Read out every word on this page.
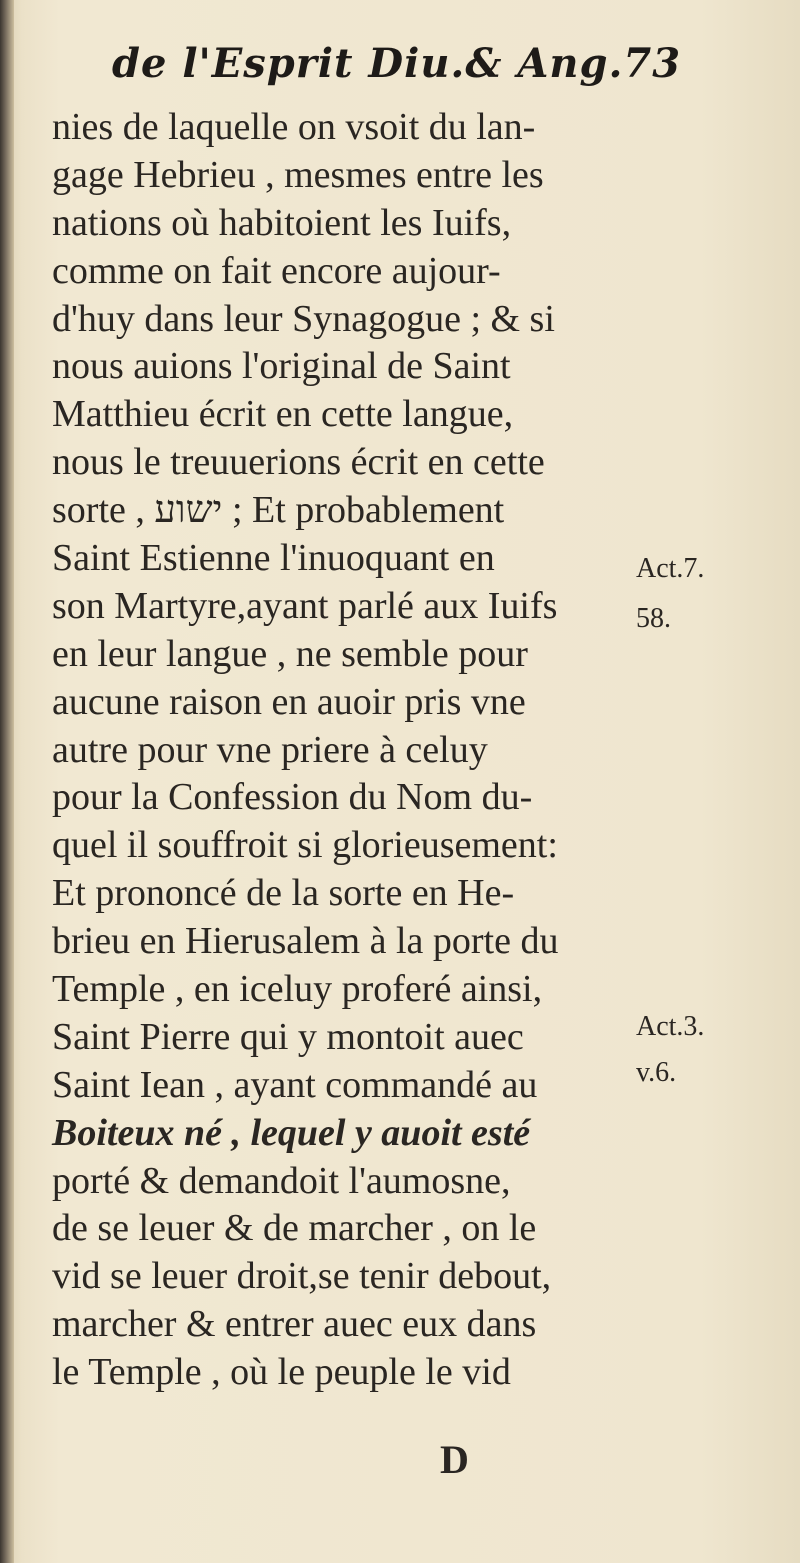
de l'Esprit Diu.& Ang.73
nies de laquelle on vsoit du lan-
gage Hebrieu , mesmes entre les
nations où habitoient les Iuifs,
comme on fait encore aujour-
d'huy dans leur Synagogue ; & si
nous auions l'original de Saint
Matthieu écrit en cette langue,
nous le treuuerions écrit en cette
sorte , ישוע ; Et probablement
Saint Estienne l'inuoquant en
son Martyre,ayant parlé aux Iuifs
en leur langue , ne semble pour
aucune raison en auoir pris vne
autre pour vne priere à celuy
pour la Confession du Nom du-
quel il souffroit si glorieusement:
Et prononcé de la sorte en He-
brieu en Hierusalem à la porte du
Temple , en iceluy proferé ainsi,
Saint Pierre qui y montoit auec
Saint Iean , ayant commandé au
Boiteux né , lequel y auoit esté
porté & demandoit l'aumosne,
de se leuer & de marcher , on le
vid se leuer droit,se tenir debout,
marcher & entrer auec eux dans
le Temple , où le peuple le vid
Act.7.
58.
Act.3.
v.6.
D
